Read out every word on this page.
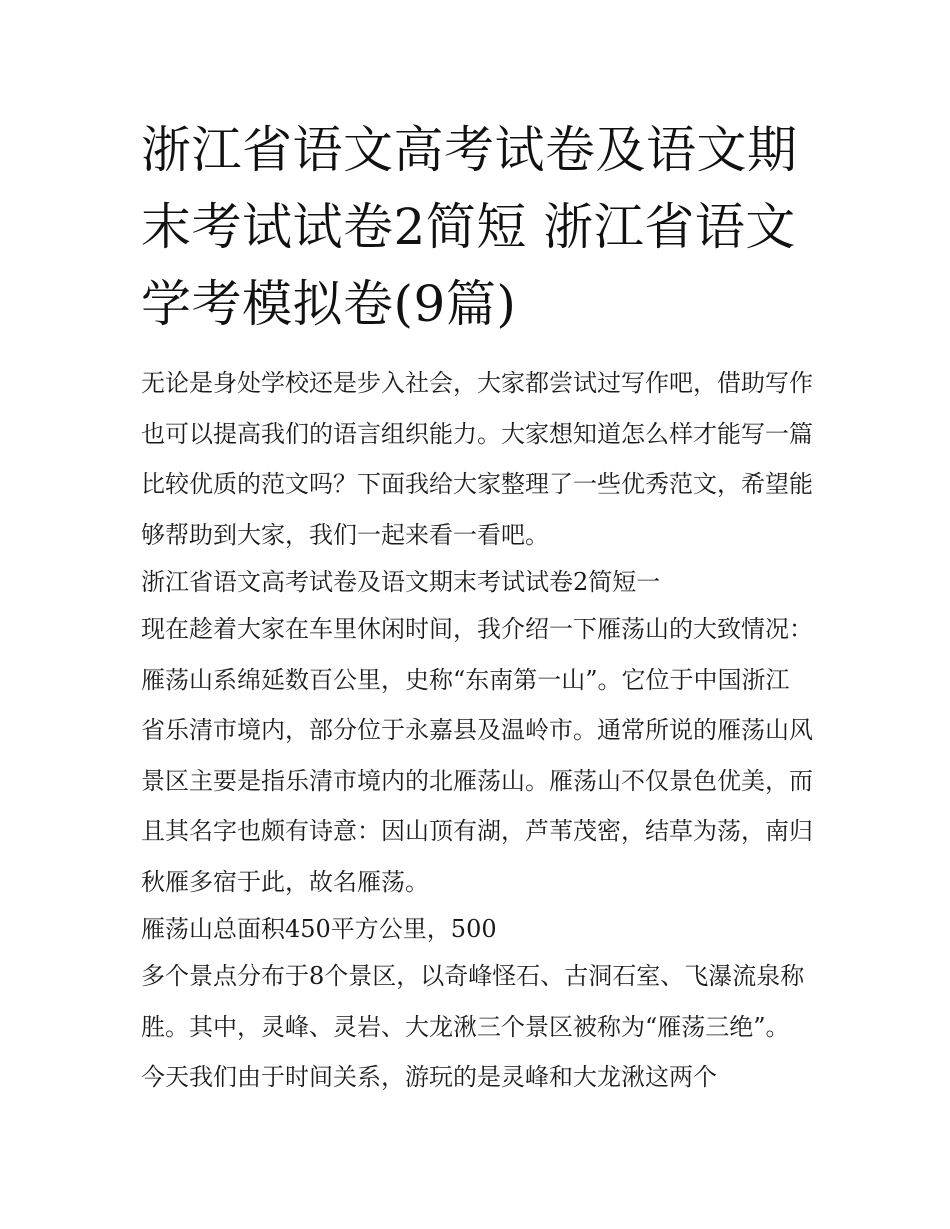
浙江省语文高考试卷及语文期末考试试卷2简短 浙江省语文学考模拟卷(9篇)

无论是身处学校还是步入社会，大家都尝试过写作吧，借助写作也可以提高我们的语言组织能力。大家想知道怎么样才能写一篇比较优质的范文吗？下面我给大家整理了一些优秀范文，希望能够帮助到大家，我们一起来看一看吧。

浙江省语文高考试卷及语文期末考试试卷2简短一

现在趁着大家在车里休闲时间，我介绍一下雁荡山的大致情况：雁荡山系绵延数百公里，史称“东南第一山”。它位于中国浙江省乐清市境内，部分位于永嘉县及温岭市。通常所说的雁荡山风景区主要是指乐清市境内的北雁荡山。雁荡山不仅景色优美，而且其名字也颇有诗意：因山顶有湖，芦苇茂密，结草为荡，南归秋雁多宿于此，故名雁荡。

雁荡山总面积450平方公里，500

多个景点分布于8个景区，以奇峰怪石、古洞石室、飞瀑流泉称胜。其中，灵峰、灵岩、大龙湫三个景区被称为“雁荡三绝”。今天我们由于时间关系，游玩的是灵峰和大龙湫这两个
